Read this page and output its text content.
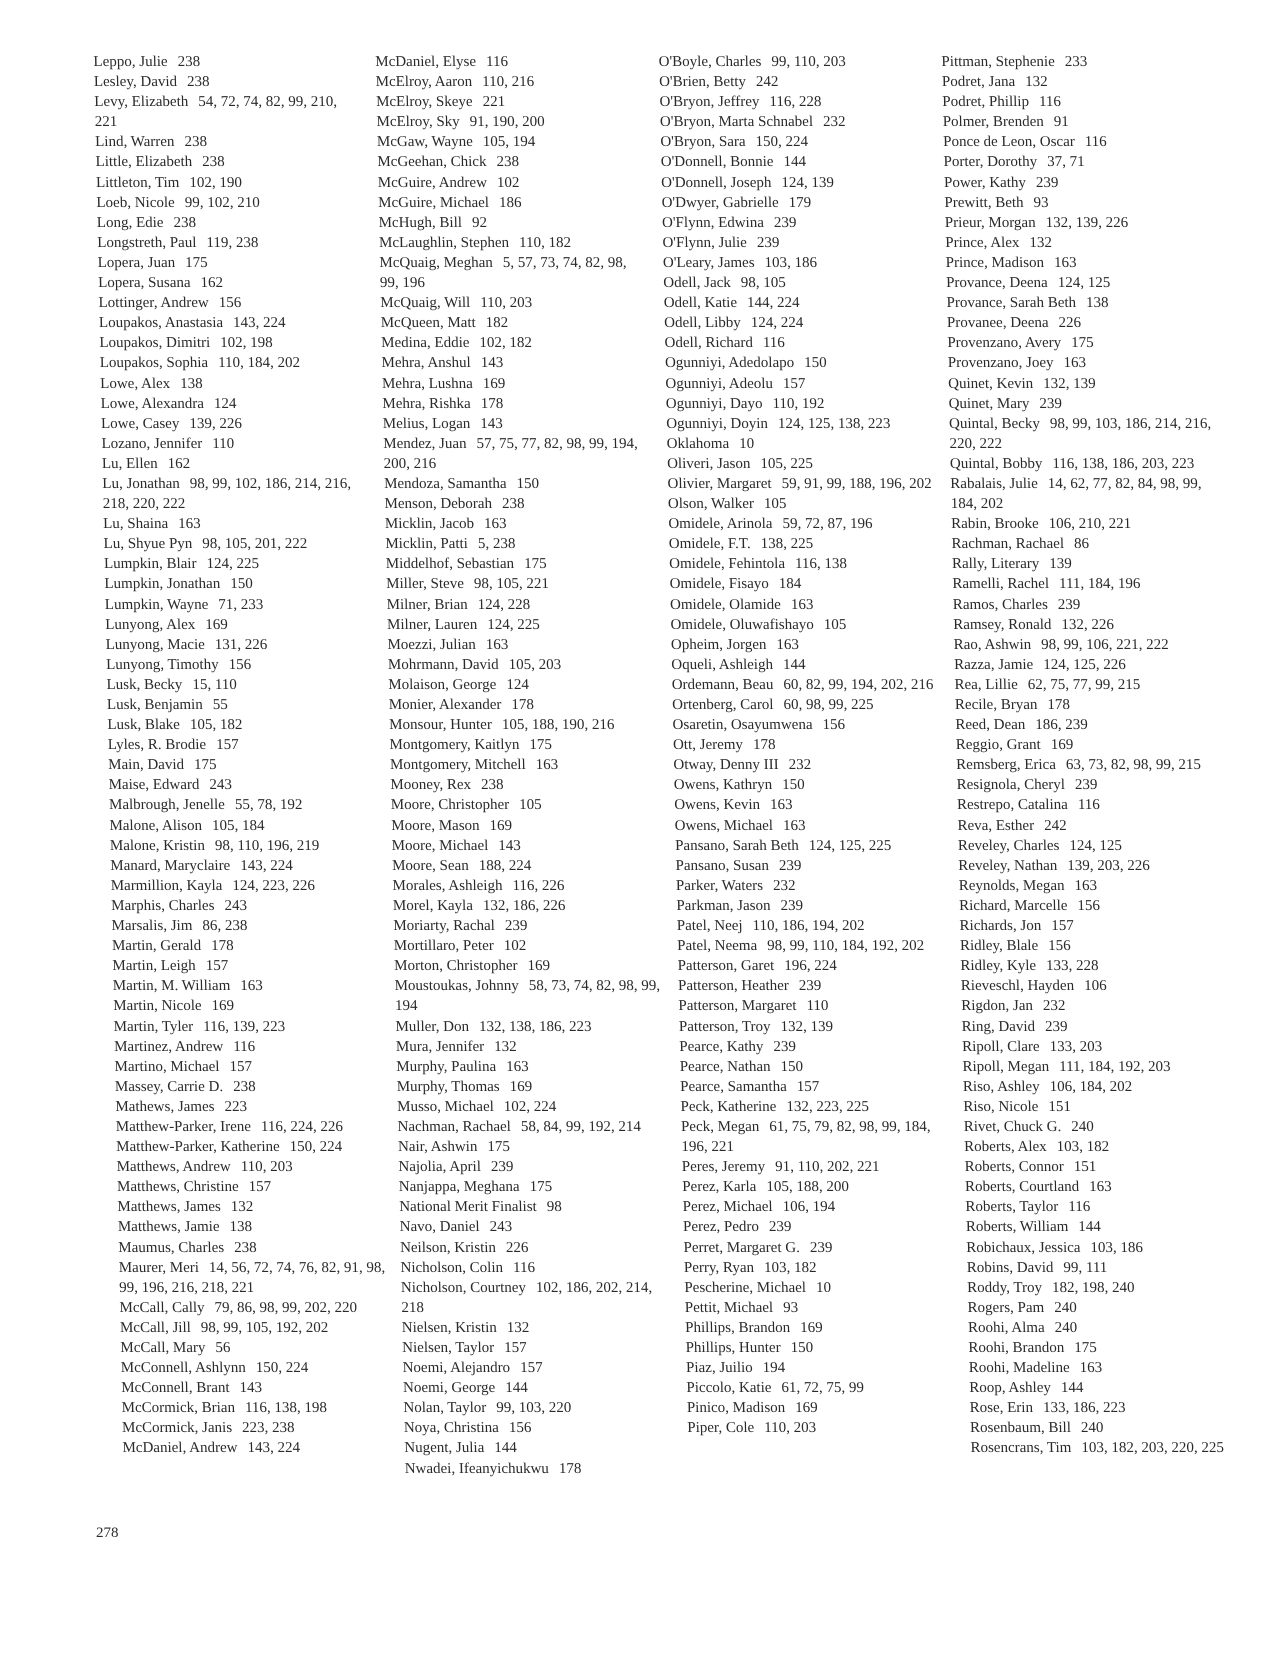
Leppo, Julie 238
Lesley, David 238
Levy, Elizabeth 54, 72, 74, 82, 99, 210, 221
Lind, Warren 238
Little, Elizabeth 238
Littleton, Tim 102, 190
Loeb, Nicole 99, 102, 210
Long, Edie 238
Longstreth, Paul 119, 238
Lopera, Juan 175
Lopera, Susana 162
Lottinger, Andrew 156
Loupakos, Anastasia 143, 224
Loupakos, Dimitri 102, 198
Loupakos, Sophia 110, 184, 202
Lowe, Alex 138
Lowe, Alexandra 124
Lowe, Casey 139, 226
Lozano, Jennifer 110
Lu, Ellen 162
Lu, Jonathan 98, 99, 102, 186, 214, 216, 218, 220, 222
Lu, Shaina 163
Lu, Shyue Pyn 98, 105, 201, 222
Lumpkin, Blair 124, 225
Lumpkin, Jonathan 150
Lumpkin, Wayne 71, 233
Lunyong, Alex 169
Lunyong, Macie 131, 226
Lunyong, Timothy 156
Lusk, Becky 15, 110
Lusk, Benjamin 55
Lusk, Blake 105, 182
Lyles, R. Brodie 157
Main, David 175
Maise, Edward 243
Malbrough, Jenelle 55, 78, 192
Malone, Alison 105, 184
Malone, Kristin 98, 110, 196, 219
Manard, Maryclaire 143, 224
Marmillion, Kayla 124, 223, 226
Marphis, Charles 243
Marsalis, Jim 86, 238
Martin, Gerald 178
Martin, Leigh 157
Martin, M. William 163
Martin, Nicole 169
Martin, Tyler 116, 139, 223
Martinez, Andrew 116
Martino, Michael 157
Massey, Carrie D. 238
Mathews, James 223
Matthew-Parker, Irene 116, 224, 226
Matthew-Parker, Katherine 150, 224
Matthews, Andrew 110, 203
Matthews, Christine 157
Matthews, James 132
Matthews, Jamie 138
Maumus, Charles 238
Maurer, Meri 14, 56, 72, 74, 76, 82, 91, 98, 99, 196, 216, 218, 221
McCall, Cally 79, 86, 98, 99, 202, 220
McCall, Jill 98, 99, 105, 192, 202
McCall, Mary 56
McConnell, Ashlynn 150, 224
McConnell, Brant 143
McCormick, Brian 116, 138, 198
McCormick, Janis 223, 238
McDaniel, Andrew 143, 224
McDaniel, Elyse 116
McElroy, Aaron 110, 216
McElroy, Skeye 221
McElroy, Sky 91, 190, 200
McGaw, Wayne 105, 194
McGeehan, Chick 238
McGuire, Andrew 102
McGuire, Michael 186
McHugh, Bill 92
McLaughlin, Stephen 110, 182
McQuaig, Meghan 5, 57, 73, 74, 82, 98, 99, 196
McQuaig, Will 110, 203
McQueen, Matt 182
Medina, Eddie 102, 182
Mehra, Anshul 143
Mehra, Lushna 169
Mehra, Rishka 178
Melius, Logan 143
Mendez, Juan 57, 75, 77, 82, 98, 99, 194, 200, 216
Mendoza, Samantha 150
Menson, Deborah 238
Micklin, Jacob 163
Micklin, Patti 5, 238
Middelhof, Sebastian 175
Miller, Steve 98, 105, 221
Milner, Brian 124, 228
Milner, Lauren 124, 225
Moezzi, Julian 163
Mohrmann, David 105, 203
Molaison, George 124
Monier, Alexander 178
Monsour, Hunter 105, 188, 190, 216
Montgomery, Kaitlyn 175
Montgomery, Mitchell 163
Mooney, Rex 238
Moore, Christopher 105
Moore, Mason 169
Moore, Michael 143
Moore, Sean 188, 224
Morales, Ashleigh 116, 226
Morel, Kayla 132, 186, 226
Moriarty, Rachal 239
Mortillaro, Peter 102
Morton, Christopher 169
Moustoukas, Johnny 58, 73, 74, 82, 98, 99, 194
Muller, Don 132, 138, 186, 223
Mura, Jennifer 132
Murphy, Paulina 163
Murphy, Thomas 169
Musso, Michael 102, 224
Nachman, Rachael 58, 84, 99, 192, 214
Nair, Ashwin 175
Najolia, April 239
Nanjappa, Meghana 175
National Merit Finalist 98
Navo, Daniel 243
Neilson, Kristin 226
Nicholson, Colin 116
Nicholson, Courtney 102, 186, 202, 214, 218
Nielsen, Kristin 132
Nielsen, Taylor 157
Noemi, Alejandro 157
Noemi, George 144
Nolan, Taylor 99, 103, 220
Noya, Christina 156
Nugent, Julia 144
Nwadei, Ifeanyichukwu 178
O'Boyle, Charles 99, 110, 203
O'Brien, Betty 242
O'Bryon, Jeffrey 116, 228
O'Bryon, Marta Schnabel 232
O'Bryon, Sara 150, 224
O'Donnell, Bonnie 144
O'Donnell, Joseph 124, 139
O'Dwyer, Gabrielle 179
O'Flynn, Edwina 239
O'Flynn, Julie 239
O'Leary, James 103, 186
Odell, Jack 98, 105
Odell, Katie 144, 224
Odell, Libby 124, 224
Odell, Richard 116
Ogunniyi, Adedolapo 150
Ogunniyi, Adeolu 157
Ogunniyi, Dayo 110, 192
Ogunniyi, Doyin 124, 125, 138, 223
Oklahoma 10
Oliveri, Jason 105, 225
Olivier, Margaret 59, 91, 99, 188, 196, 202
Olson, Walker 105
Omidele, Arinola 59, 72, 87, 196
Omidele, F.T. 138, 225
Omidele, Fehintola 116, 138
Omidele, Fisayo 184
Omidele, Olamide 163
Omidele, Oluwafishayo 105
Opheim, Jorgen 163
Oqueli, Ashleigh 144
Ordemann, Beau 60, 82, 99, 194, 202, 216
Ortenberg, Carol 60, 98, 99, 225
Osaretin, Osayumwena 156
Ott, Jeremy 178
Otway, Denny III 232
Owens, Kathryn 150
Owens, Kevin 163
Owens, Michael 163
Pansano, Sarah Beth 124, 125, 225
Pansano, Susan 239
Parker, Waters 232
Parkman, Jason 239
Patel, Neej 110, 186, 194, 202
Patel, Neema 98, 99, 110, 184, 192, 202
Patterson, Garet 196, 224
Patterson, Heather 239
Patterson, Margaret 110
Patterson, Troy 132, 139
Pearce, Kathy 239
Pearce, Nathan 150
Pearce, Samantha 157
Peck, Katherine 132, 223, 225
Peck, Megan 61, 75, 79, 82, 98, 99, 184, 196, 221
Peres, Jeremy 91, 110, 202, 221
Perez, Karla 105, 188, 200
Perez, Michael 106, 194
Perez, Pedro 239
Perret, Margaret G. 239
Perry, Ryan 103, 182
Pescherine, Michael 10
Pettit, Michael 93
Phillips, Brandon 169
Phillips, Hunter 150
Piaz, Juilio 194
Piccolo, Katie 61, 72, 75, 99
Pinico, Madison 169
Piper, Cole 110, 203
Pittman, Stephenie 233
Podret, Jana 132
Podret, Phillip 116
Polmer, Brenden 91
Ponce de Leon, Oscar 116
Porter, Dorothy 37, 71
Power, Kathy 239
Prewitt, Beth 93
Prieur, Morgan 132, 139, 226
Prince, Alex 132
Prince, Madison 163
Provance, Deena 124, 125
Provance, Sarah Beth 138
Provanee, Deena 226
Provenzano, Avery 175
Provenzano, Joey 163
Quinet, Kevin 132, 139
Quinet, Mary 239
Quintal, Becky 98, 99, 103, 186, 214, 216, 220, 222
Quintal, Bobby 116, 138, 186, 203, 223
Rabalais, Julie 14, 62, 77, 82, 84, 98, 99, 184, 202
Rabin, Brooke 106, 210, 221
Rachman, Rachael 86
Rally, Literary 139
Ramelli, Rachel 111, 184, 196
Ramos, Charles 239
Ramsey, Ronald 132, 226
Rao, Ashwin 98, 99, 106, 221, 222
Razza, Jamie 124, 125, 226
Rea, Lillie 62, 75, 77, 99, 215
Recile, Bryan 178
Reed, Dean 186, 239
Reggio, Grant 169
Remsberg, Erica 63, 73, 82, 98, 99, 215
Resignola, Cheryl 239
Restrepo, Catalina 116
Reva, Esther 242
Reveley, Charles 124, 125
Reveley, Nathan 139, 203, 226
Reynolds, Megan 163
Richard, Marcelle 156
Richards, Jon 157
Ridley, Blale 156
Ridley, Kyle 133, 228
Rieveschl, Hayden 106
Rigdon, Jan 232
Ring, David 239
Ripoll, Clare 133, 203
Ripoll, Megan 111, 184, 192, 203
Riso, Ashley 106, 184, 202
Riso, Nicole 151
Rivet, Chuck G. 240
Roberts, Alex 103, 182
Roberts, Connor 151
Roberts, Courtland 163
Roberts, Taylor 116
Roberts, William 144
Robichaux, Jessica 103, 186
Robins, David 99, 111
Roddy, Troy 182, 198, 240
Rogers, Pam 240
Roohi, Alma 240
Roohi, Brandon 175
Roohi, Madeline 163
Roop, Ashley 144
Rose, Erin 133, 186, 223
Rosenbaum, Bill 240
Rosencrans, Tim 103, 182, 203, 220, 225
278
